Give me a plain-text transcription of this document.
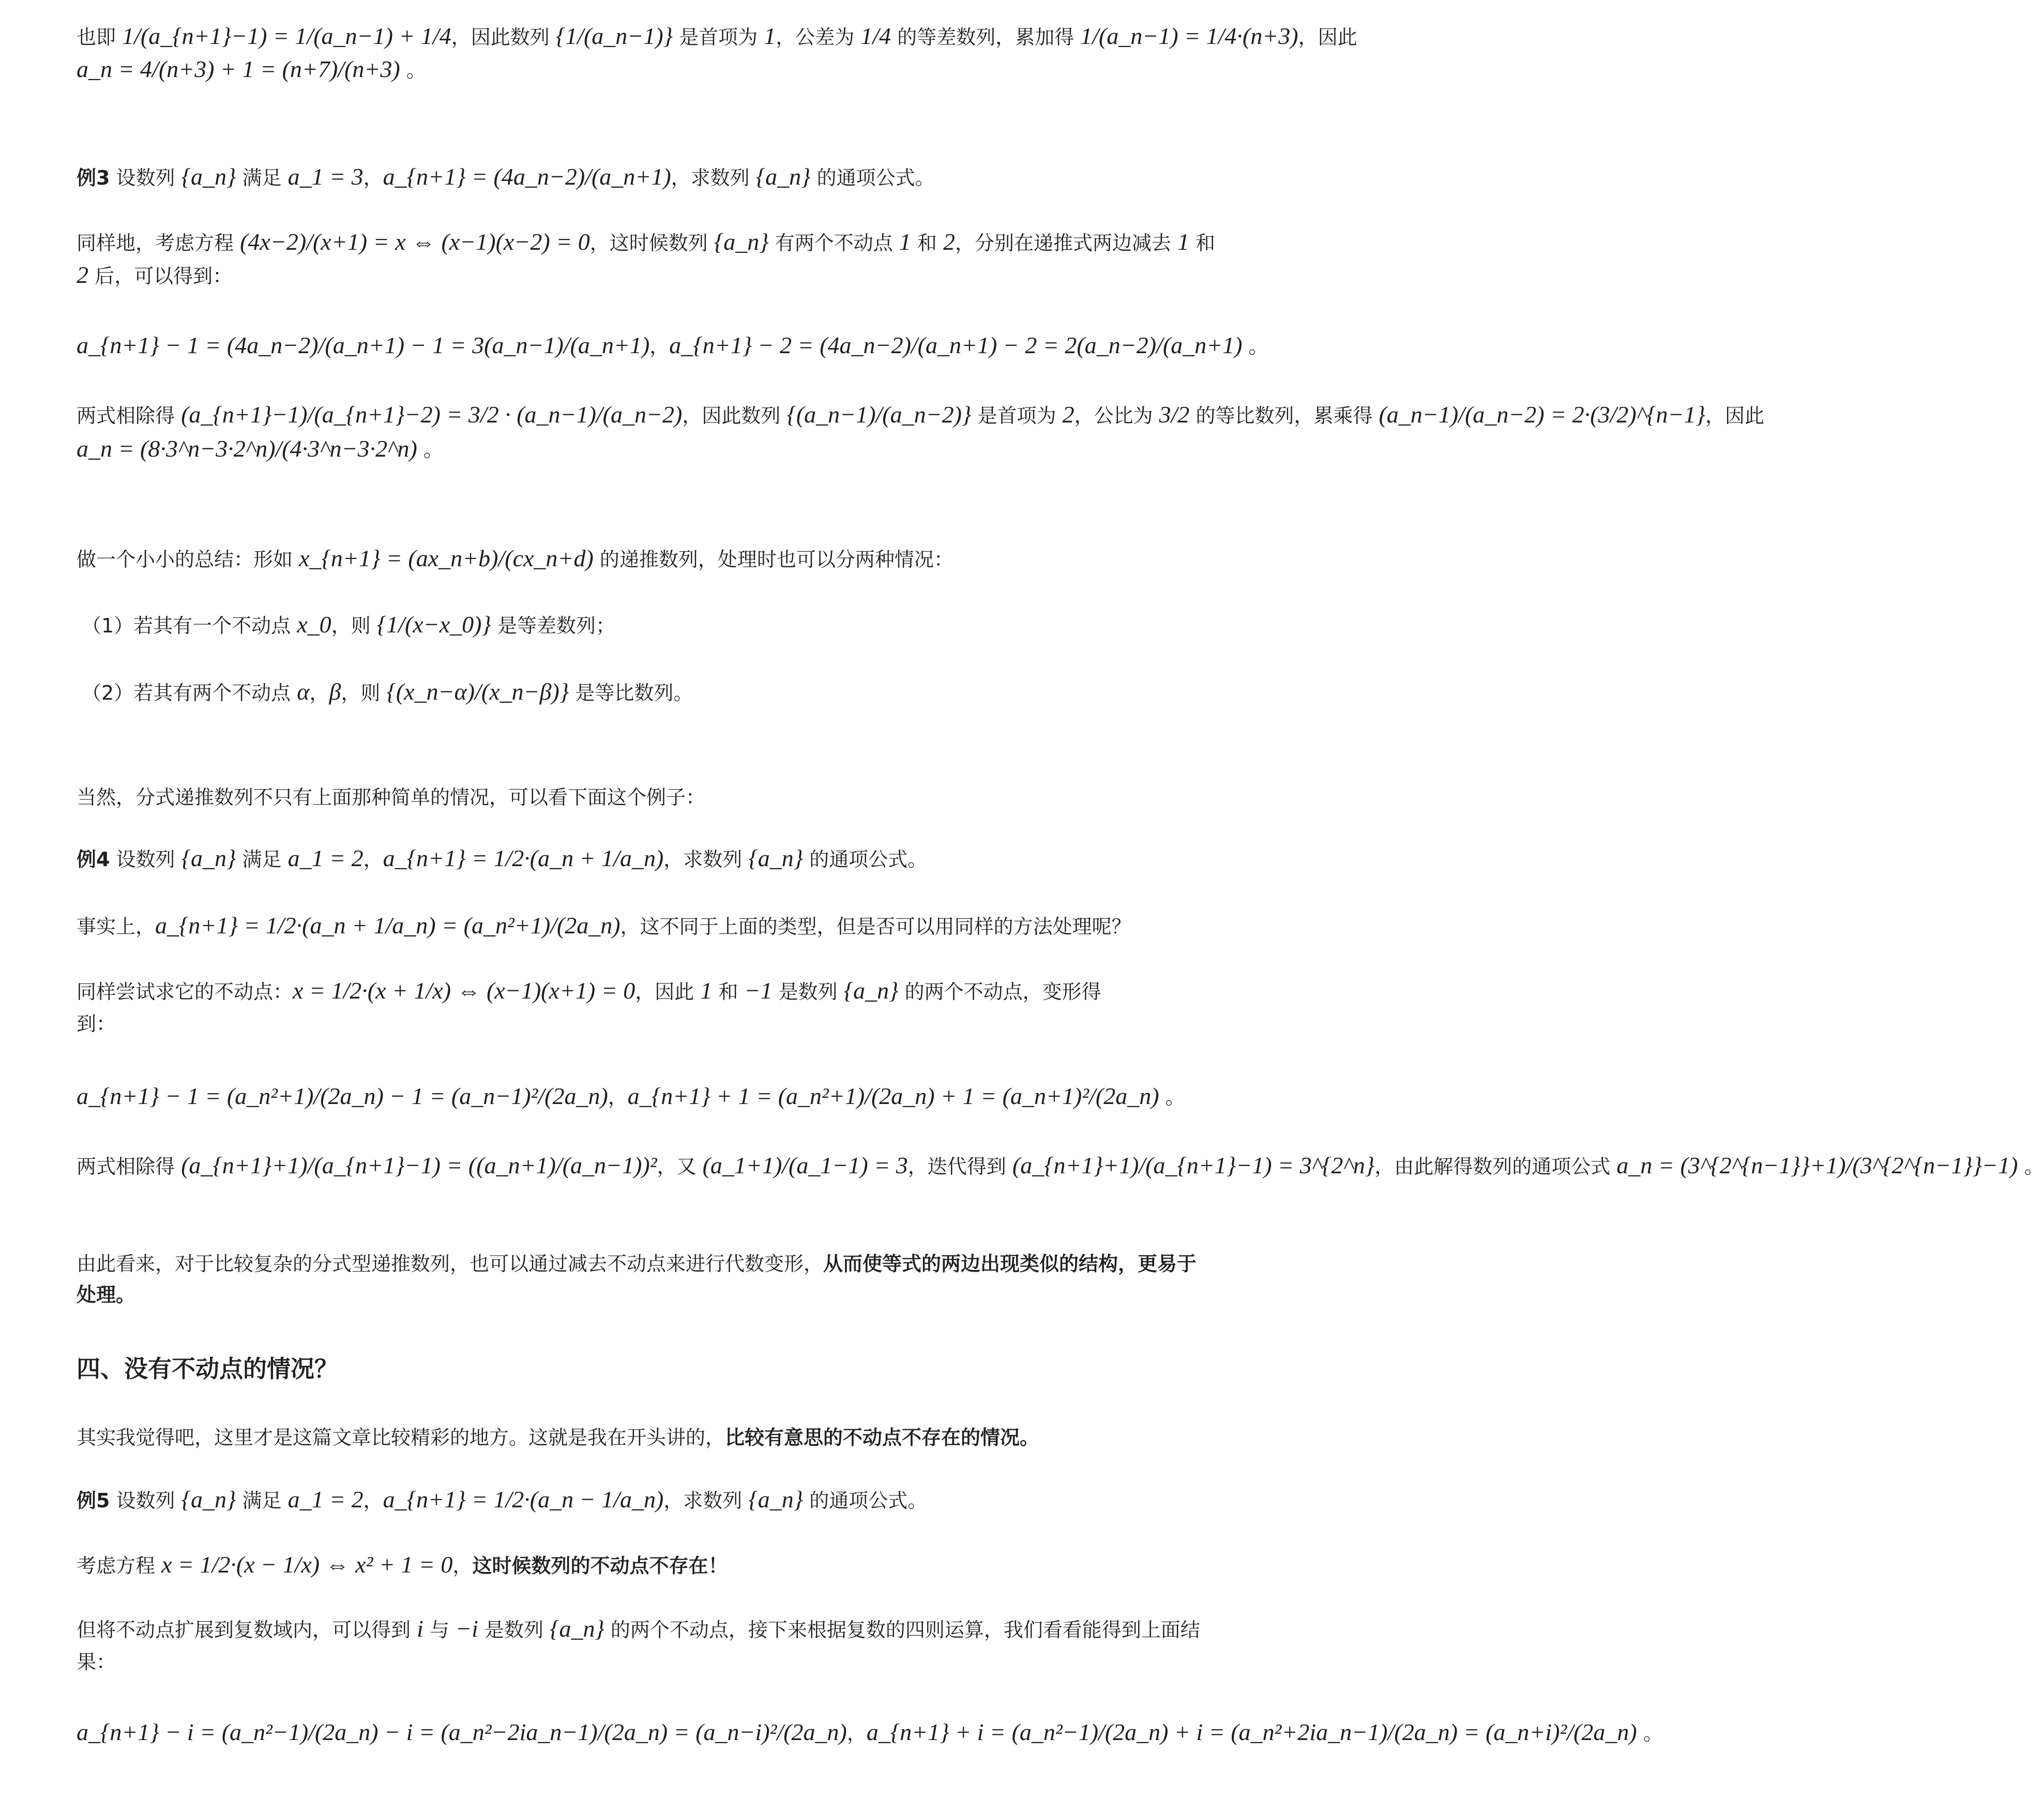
也即 1/(a_{n+1}−1) = 1/(a_n−1) + 1/4，因此数列 {1/(a_n−1)} 是首项为 1，公差为 1/4 的等差数列，累加得 1/(a_n−1) = 1/4·(n+3)，因此
a_n = 4/(n+3) + 1 = (n+7)/(n+3) 。
例3 设数列 {a_n} 满足 a_1 = 3，a_{n+1} = (4a_n−2)/(a_n+1)，求数列 {a_n} 的通项公式。
同样地，考虑方程 (4x−2)/(x+1) = x ⇔ (x−1)(x−2) = 0，这时候数列 {a_n} 有两个不动点 1 和 2，分别在递推式两边减去 1 和
2 后，可以得到：
a_{n+1} − 1 = (4a_n−2)/(a_n+1) − 1 = 3(a_n−1)/(a_n+1)，a_{n+1} − 2 = (4a_n−2)/(a_n+1) − 2 = 2(a_n−2)/(a_n+1) 。
两式相除得 (a_{n+1}−1)/(a_{n+1}−2) = 3/2 · (a_n−1)/(a_n−2)，因此数列 {(a_n−1)/(a_n−2)} 是首项为 2，公比为 3/2 的等比数列，累乘得 (a_n−1)/(a_n−2) = 2·(3/2)^{n−1}，因此
a_n = (8·3^n−3·2^n)/(4·3^n−3·2^n) 。
做一个小小的总结：形如 x_{n+1} = (ax_n+b)/(cx_n+d) 的递推数列，处理时也可以分两种情况：
（1）若其有一个不动点 x_0，则 {1/(x−x_0)} 是等差数列；
（2）若其有两个不动点 α，β，则 {(x_n−α)/(x_n−β)} 是等比数列。
当然，分式递推数列不只有上面那种简单的情况，可以看下面这个例子：
例4 设数列 {a_n} 满足 a_1 = 2，a_{n+1} = 1/2·(a_n + 1/a_n)，求数列 {a_n} 的通项公式。
事实上，a_{n+1} = 1/2·(a_n + 1/a_n) = (a_n²+1)/(2a_n)，这不同于上面的类型，但是否可以用同样的方法处理呢？
同样尝试求它的不动点：x = 1/2·(x + 1/x) ⇔ (x−1)(x+1) = 0，因此 1 和 −1 是数列 {a_n} 的两个不动点，变形得
到：
a_{n+1} − 1 = (a_n²+1)/(2a_n) − 1 = (a_n−1)²/(2a_n)，a_{n+1} + 1 = (a_n²+1)/(2a_n) + 1 = (a_n+1)²/(2a_n) 。
两式相除得 (a_{n+1}+1)/(a_{n+1}−1) = ((a_n+1)/(a_n−1))²，又 (a_1+1)/(a_1−1) = 3，迭代得到 (a_{n+1}+1)/(a_{n+1}−1) = 3^{2^n}，由此解得数列的通项公式 a_n = (3^{2^{n−1}}+1)/(3^{2^{n−1}}−1) 。
由此看来，对于比较复杂的分式型递推数列，也可以通过减去不动点来进行代数变形，从而使等式的两边出现类似的结构，更易于
处理。
四、没有不动点的情况？
其实我觉得吧，这里才是这篇文章比较精彩的地方。这就是我在开头讲的，比较有意思的不动点不存在的情况。
例5 设数列 {a_n} 满足 a_1 = 2，a_{n+1} = 1/2·(a_n − 1/a_n)，求数列 {a_n} 的通项公式。
考虑方程 x = 1/2·(x − 1/x) ⇔ x² + 1 = 0，这时候数列的不动点不存在！
但将不动点扩展到复数域内，可以得到 i 与 −i 是数列 {a_n} 的两个不动点，接下来根据复数的四则运算，我们看看能得到上面结
果：
a_{n+1} − i = (a_n²−1)/(2a_n) − i = (a_n²−2ia_n−1)/(2a_n) = (a_n−i)²/(2a_n)，a_{n+1} + i = (a_n²−1)/(2a_n) + i = (a_n²+2ia_n−1)/(2a_n) = (a_n+i)²/(2a_n) 。
